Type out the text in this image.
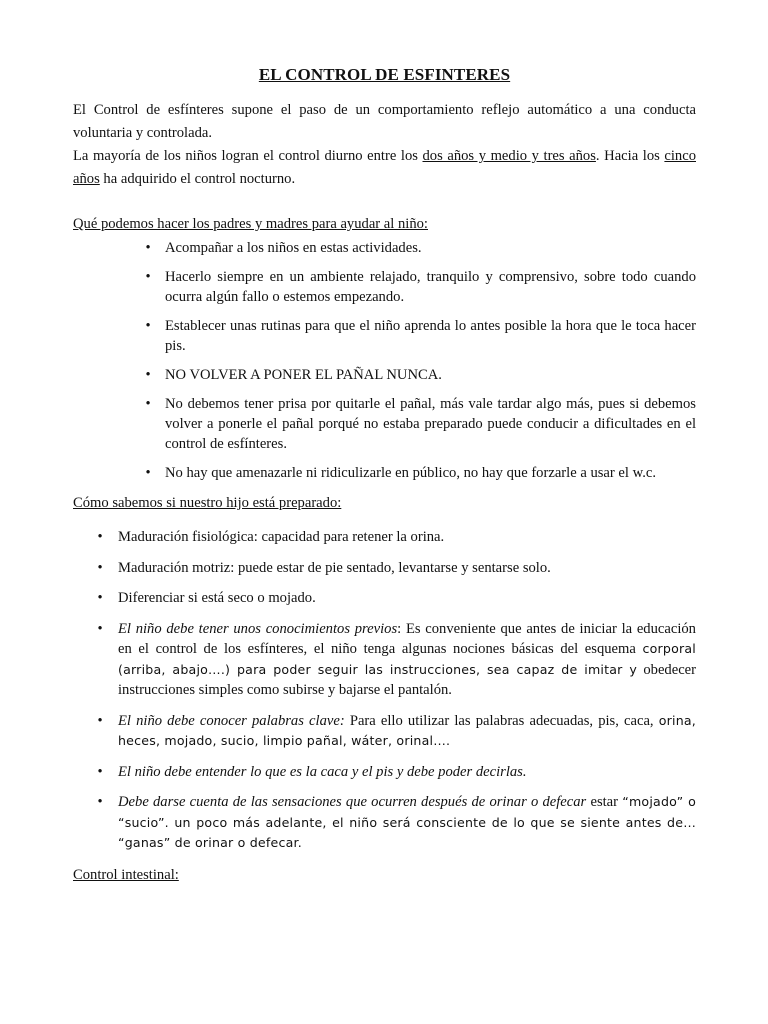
EL CONTROL DE ESFINTERES

El Control de esfínteres supone el paso de un comportamiento reflejo automático a una conducta voluntaria y controlada.

La mayoría de los niños logran el control diurno entre los dos años y medio y tres años. Hacia los cinco años ha adquirido el control nocturno.

Qué podemos hacer los padres y madres para ayudar al niño:

• Acompañar a los niños en estas actividades.
• Hacerlo siempre en un ambiente relajado, tranquilo y comprensivo, sobre todo cuando ocurra algún fallo o estemos empezando.
• Establecer unas rutinas para que el niño aprenda lo antes posible la hora que le toca hacer pis.
• NO VOLVER A PONER EL PAÑAL NUNCA.
• No debemos tener prisa por quitarle el pañal, más vale tardar algo más, pues si debemos volver a ponerle el pañal porqué no estaba preparado puede conducir a dificultades en el control de esfínteres.
• No hay que amenazarle ni ridiculizarle en público, no hay que forzarle a usar el w.c.

Cómo sabemos si nuestro hijo está preparado:

• Maduración fisiológica: capacidad para retener la orina.
• Maduración motriz: puede estar de pie sentado, levantarse y sentarse solo.
• Diferenciar si está seco o mojado.
• El niño debe tener unos conocimientos previos: Es conveniente que antes de iniciar la educación en el control de los esfínteres, el niño tenga algunas nociones básicas del esquema corporal (arriba, abajo….) para poder seguir las instrucciones, sea capaz de imitar y obedecer instrucciones simples como subirse y bajarse el pantalón.
• El niño debe conocer palabras clave: Para ello utilizar las palabras adecuadas, pis, caca, orina, heces, mojado, sucio, limpio pañal, wáter, orinal….
• El niño debe entender lo que es la caca y el pis y debe poder decirlas.
• Debe darse cuenta de las sensaciones que ocurren después de orinar o defecar estar “mojado” o “sucio”. un poco más adelante, el niño será consciente de lo que se siente antes de… “ganas” de orinar o defecar.

Control intestinal:
